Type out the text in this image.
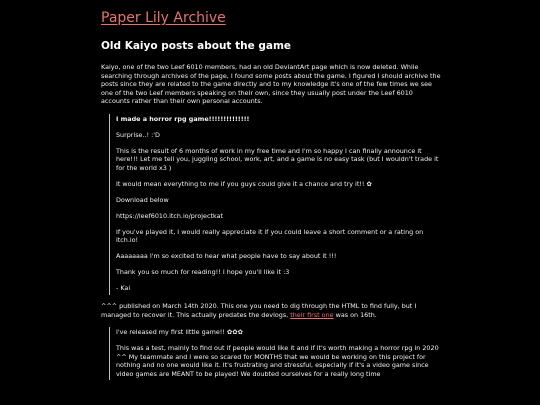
Paper Lily Archive
Old Kaiyo posts about the game

Kaiyo, one of the two Leef 6010 members, had an old DeviantArt page which is now deleted. While searching through archives of the page, I found some posts about the game. I figured I should archive the posts since they are related to the game directly and to my knowledge it's one of the few times we see one of the two Leef members speaking on their own, since they usually post under the Leef 6010 accounts rather than their own personal accounts.

I made a horror rpg game!!!!!!!!!!!!!!

Surprise..! :'D

This is the result of 6 months of work in my free time and I'm so happy I can finally announce it here!!! Let me tell you, juggling school, work, art, and a game is no easy task (but I wouldn't trade it for the world x3 )

It would mean everything to me if you guys could give it a chance and try it!! ✿

Download below

https://leef6010.itch.io/projectkat

If you've played it, I would really appreciate it if you could leave a short comment or a rating on itch.io!

Aaaaaaaa I'm so excited to hear what people have to say about it !!!

Thank you so much for reading!! I hope you'll like it :3

- Kai

^^^ published on March 14th 2020. This one you need to dig through the HTML to find fully, but I managed to recover it. This actually predates the devlogs, their first one was on 16th.

I've released my first little game!! ✿✿✿

This was a test, mainly to find out if people would like it and if it's worth making a horror rpg in 2020 ^^ My teammate and I were so scared for MONTHS that we would be working on this project for nothing and no one would like it. It's frustrating and stressful, especially if it's a video game since video games are MEANT to be played! We doubted ourselves for a really long time
